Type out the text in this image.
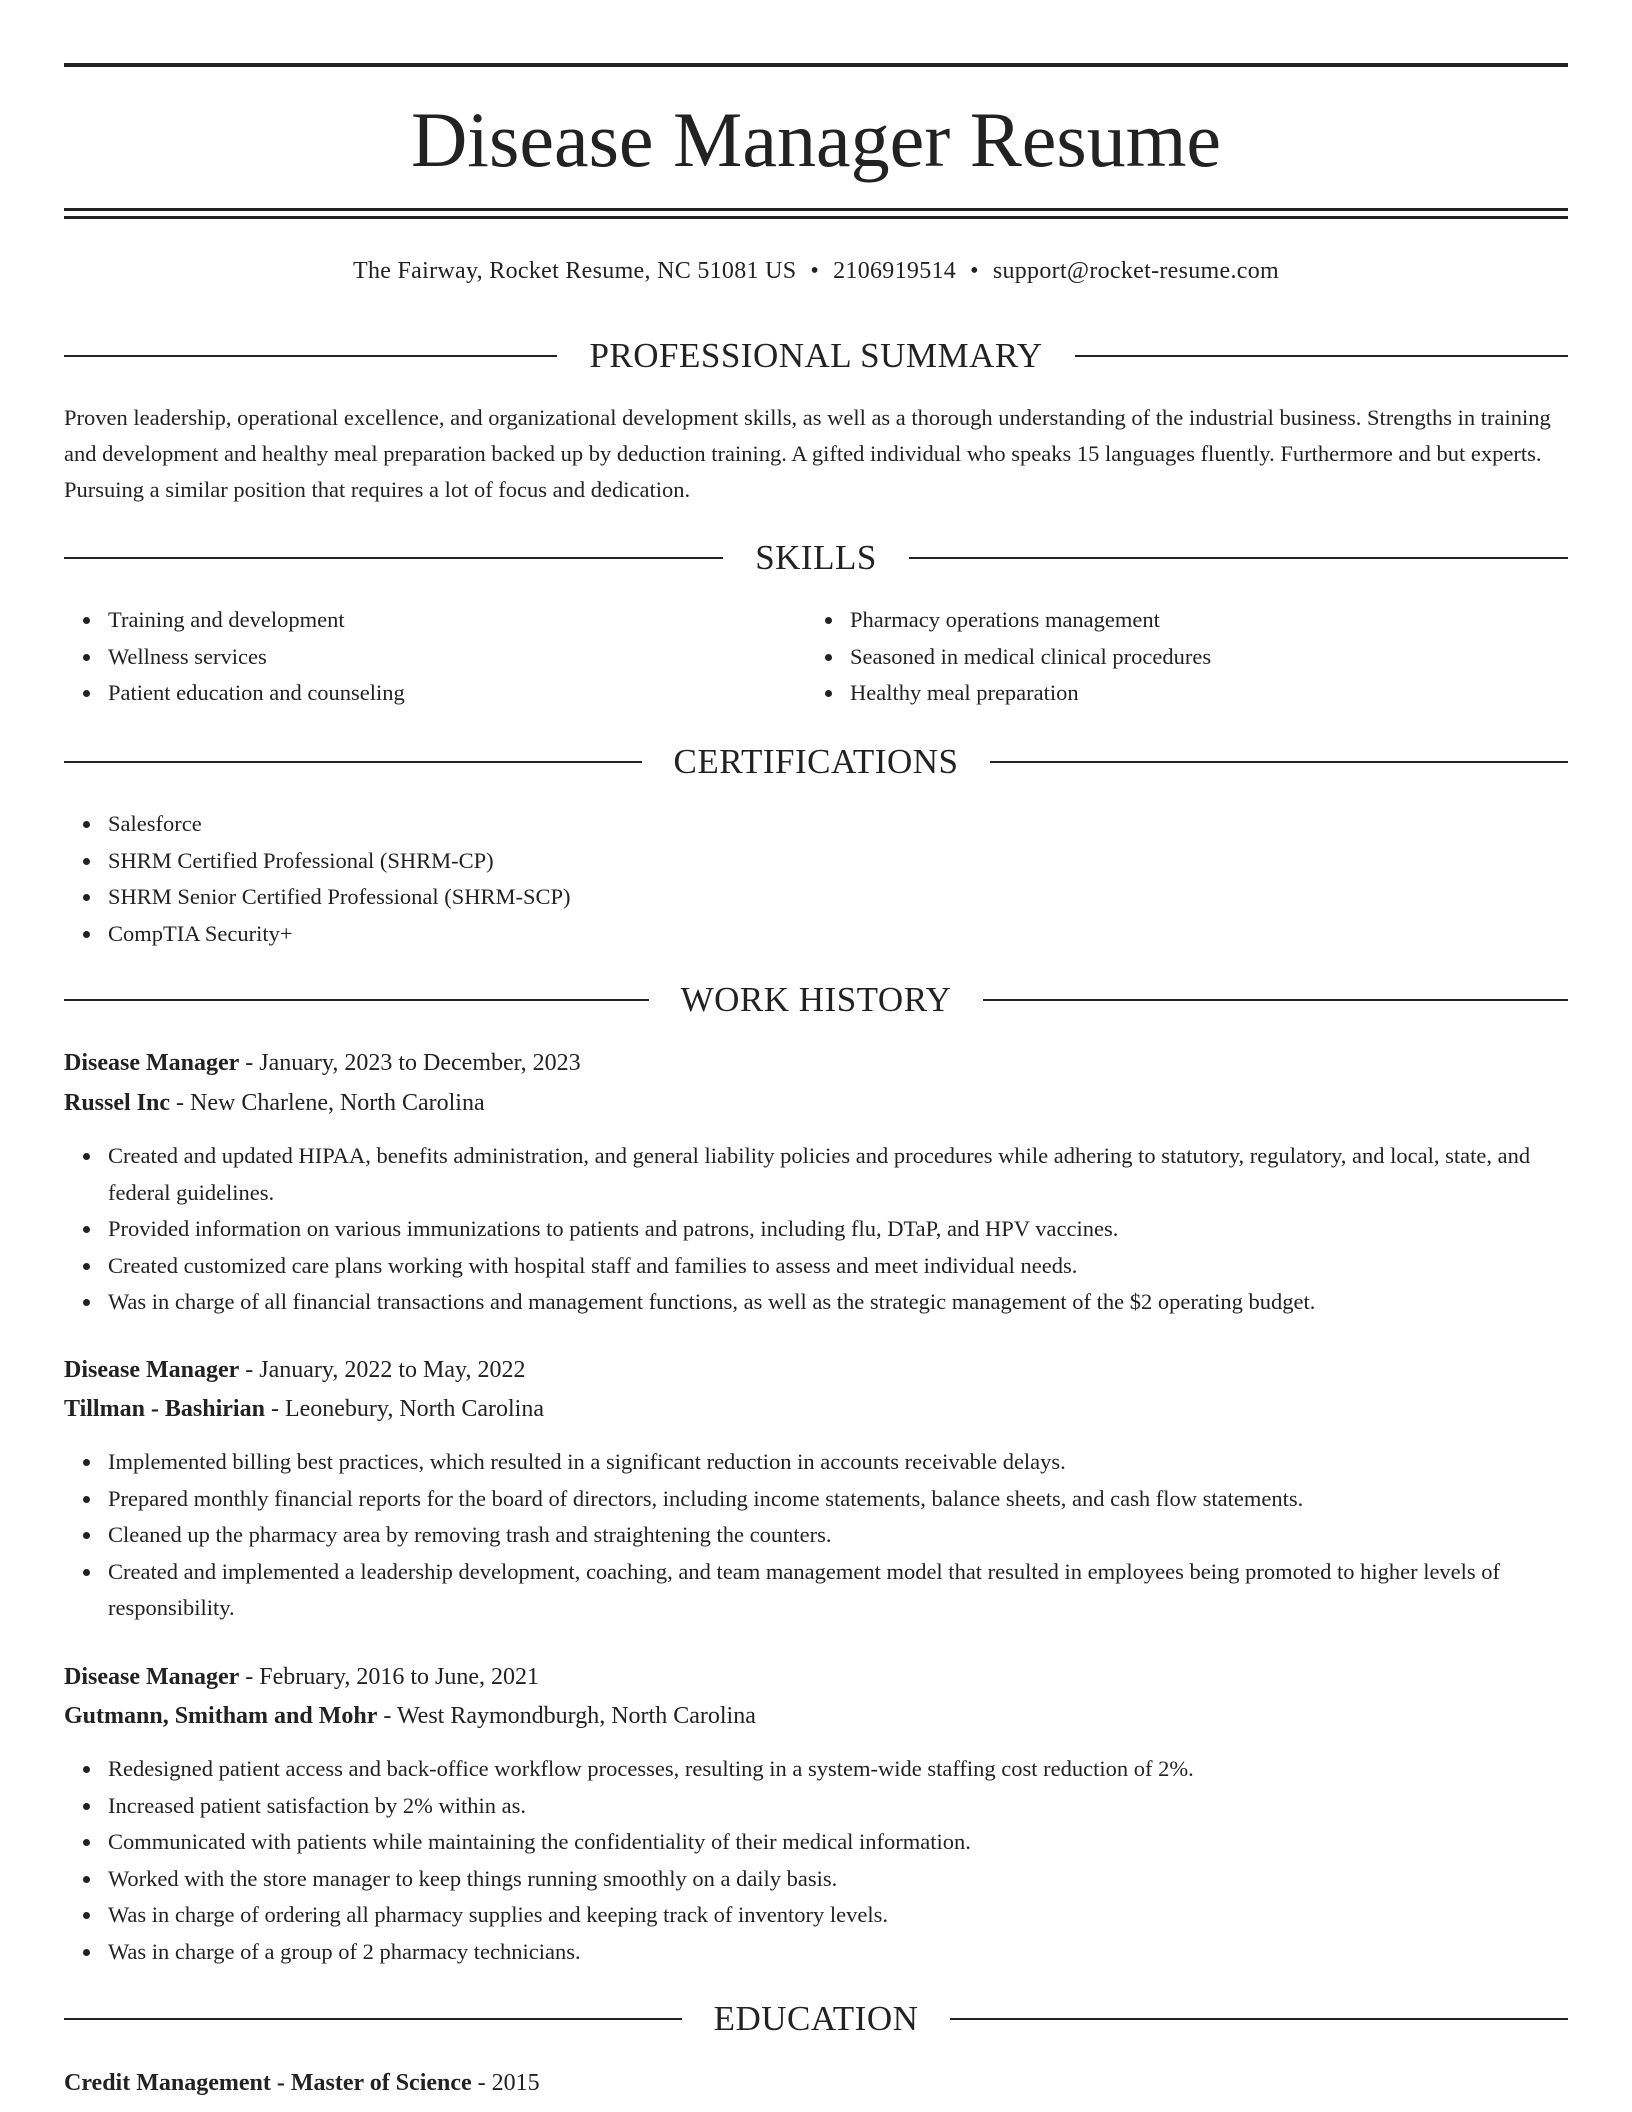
Disease Manager Resume
The Fairway, Rocket Resume, NC 51081 US • 2106919514 • support@rocket-resume.com
PROFESSIONAL SUMMARY
Proven leadership, operational excellence, and organizational development skills, as well as a thorough understanding of the industrial business. Strengths in training and development and healthy meal preparation backed up by deduction training. A gifted individual who speaks 15 languages fluently. Furthermore and but experts. Pursuing a similar position that requires a lot of focus and dedication.
SKILLS
Training and development
Wellness services
Patient education and counseling
Pharmacy operations management
Seasoned in medical clinical procedures
Healthy meal preparation
CERTIFICATIONS
Salesforce
SHRM Certified Professional (SHRM-CP)
SHRM Senior Certified Professional (SHRM-SCP)
CompTIA Security+
WORK HISTORY
Disease Manager - January, 2023 to December, 2023
Russel Inc - New Charlene, North Carolina
Created and updated HIPAA, benefits administration, and general liability policies and procedures while adhering to statutory, regulatory, and local, state, and federal guidelines.
Provided information on various immunizations to patients and patrons, including flu, DTaP, and HPV vaccines.
Created customized care plans working with hospital staff and families to assess and meet individual needs.
Was in charge of all financial transactions and management functions, as well as the strategic management of the $2 operating budget.
Disease Manager - January, 2022 to May, 2022
Tillman - Bashirian - Leonebury, North Carolina
Implemented billing best practices, which resulted in a significant reduction in accounts receivable delays.
Prepared monthly financial reports for the board of directors, including income statements, balance sheets, and cash flow statements.
Cleaned up the pharmacy area by removing trash and straightening the counters.
Created and implemented a leadership development, coaching, and team management model that resulted in employees being promoted to higher levels of responsibility.
Disease Manager - February, 2016 to June, 2021
Gutmann, Smitham and Mohr - West Raymondburgh, North Carolina
Redesigned patient access and back-office workflow processes, resulting in a system-wide staffing cost reduction of 2%.
Increased patient satisfaction by 2% within as.
Communicated with patients while maintaining the confidentiality of their medical information.
Worked with the store manager to keep things running smoothly on a daily basis.
Was in charge of ordering all pharmacy supplies and keeping track of inventory levels.
Was in charge of a group of 2 pharmacy technicians.
EDUCATION
Credit Management - Master of Science - 2015
